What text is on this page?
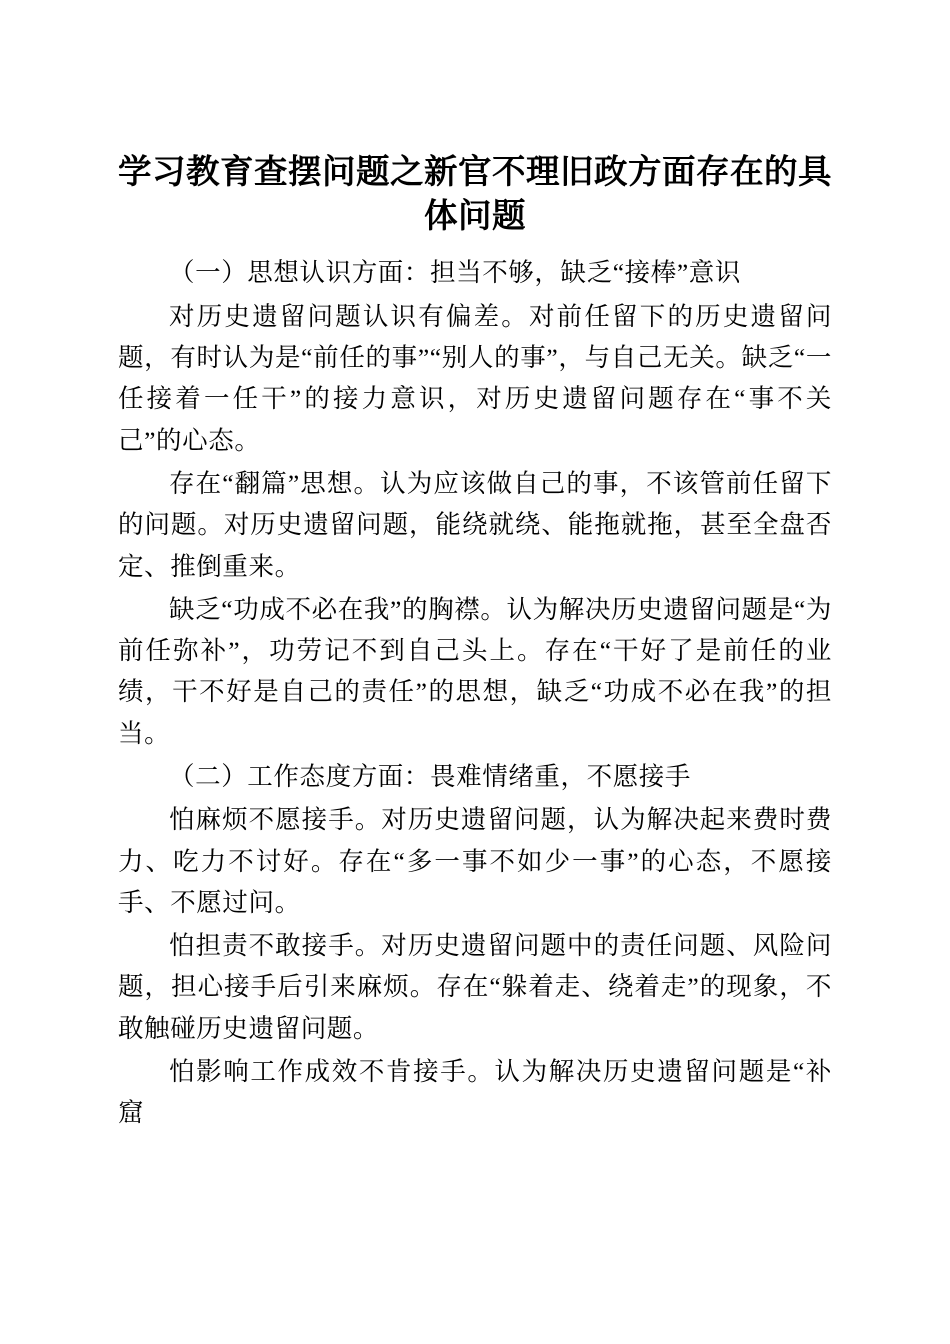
学习教育查摆问题之新官不理旧政方面存在的具体问题

（一）思想认识方面：担当不够，缺乏“接棒”意识

对历史遗留问题认识有偏差。对前任留下的历史遗留问题，有时认为是“前任的事”“别人的事”，与自己无关。缺乏“一任接着一任干”的接力意识，对历史遗留问题存在“事不关己”的心态。

存在“翻篇”思想。认为应该做自己的事，不该管前任留下的问题。对历史遗留问题，能绕就绕、能拖就拖，甚至全盘否定、推倒重来。

缺乏“功成不必在我”的胸襟。认为解决历史遗留问题是“为前任弥补”，功劳记不到自己头上。存在“干好了是前任的业绩，干不好是自己的责任”的思想，缺乏“功成不必在我”的担当。

（二）工作态度方面：畏难情绪重，不愿接手

怕麻烦不愿接手。对历史遗留问题，认为解决起来费时费力、吃力不讨好。存在“多一事不如少一事”的心态，不愿接手、不愿过问。

怕担责不敢接手。对历史遗留问题中的责任问题、风险问题，担心接手后引来麻烦。存在“躲着走、绕着走”的现象，不敢触碰历史遗留问题。

怕影响工作成效不肯接手。认为解决历史遗留问题是“补窟
